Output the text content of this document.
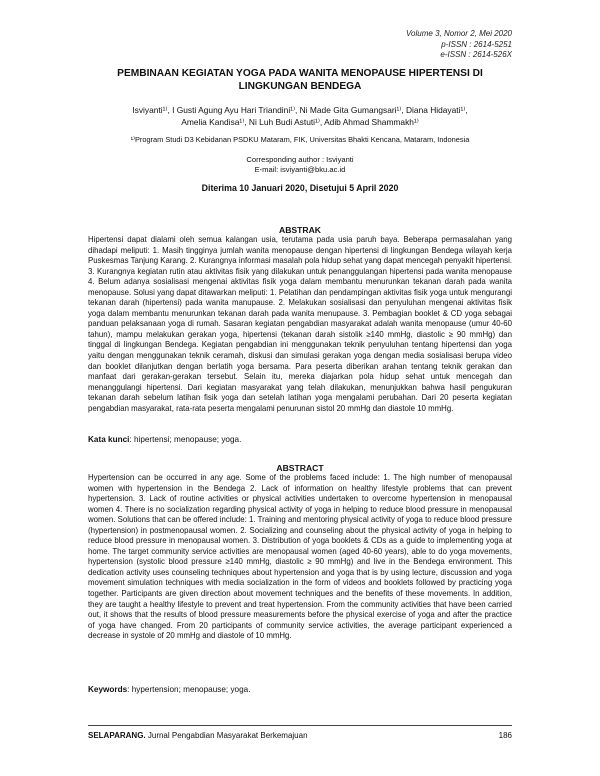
Volume 3, Nomor 2, Mei 2020
p-ISSN : 2614-5251
e-ISSN : 2614-526X
PEMBINAAN KEGIATAN YOGA PADA WANITA MENOPAUSE HIPERTENSI DI LINGKUNGAN BENDEGA
Isviyanti¹⁾, I Gusti Agung Ayu Hari Triandini¹⁾, Ni Made Gita Gumangsari¹⁾, Diana Hidayati¹⁾,
Amelia Kandisa¹⁾, Ni Luh Budi Astuti¹⁾, Adib Ahmad Shammakh¹⁾
¹⁾Program Studi D3 Kebidanan PSDKU Mataram, FIK, Universitas Bhakti Kencana, Mataram, Indonesia
Corresponding author : Isviyanti
E-mail: isviyanti@bku.ac.id
Diterima 10 Januari 2020, Disetujui 5 April 2020
ABSTRAK
Hipertensi dapat dialami oleh semua kalangan usia, terutama pada usia paruh baya. Beberapa permasalahan yang dihadapi meliputi: 1. Masih tingginya jumlah wanita menopause dengan hipertensi di lingkungan Bendega wilayah kerja Puskesmas Tanjung Karang. 2. Kurangnya informasi masalah pola hidup sehat yang dapat mencegah penyakit hipertensi. 3. Kurangnya kegiatan rutin atau aktivitas fisik yang dilakukan untuk penanggulangan hipertensi pada wanita menopause 4. Belum adanya sosialisasi mengenai aktivitas fisik yoga dalam membantu menurunkan tekanan darah pada wanita menopause. Solusi yang dapat ditawarkan meliputi: 1. Pelatihan dan pendampingan aktivitas fisik yoga untuk mengurangi tekanan darah (hipertensi) pada wanita manupause. 2. Melakukan sosialisasi dan penyuluhan mengenai aktivitas fisik yoga dalam membantu menurunkan tekanan darah pada wanita menupause. 3. Pembagian booklet & CD yoga sebagai panduan pelaksanaan yoga di rumah. Sasaran kegiatan pengabdian masyarakat adalah wanita menopause (umur 40-60 tahun), mampu melakukan gerakan yoga, hipertensi (tekanan darah sistolik ≥140 mmHg, diastolic ≥ 90 mmHg) dan tinggal di lingkungan Bendega. Kegiatan pengabdian ini menggunakan teknik penyuluhan tentang hipertensi dan yoga yaitu dengan menggunakan teknik ceramah, diskusi dan simulasi gerakan yoga dengan media sosialisasi berupa video dan booklet dilanjutkan dengan berlatih yoga bersama. Para peserta diberikan arahan tentang teknik gerakan dan manfaat dari gerakan-gerakan tersebut. Selain itu, mereka diajarkan pola hidup sehat untuk mencegah dan menanggulangi hipertensi. Dari kegiatan masyarakat yang telah dilakukan, menunjukkan bahwa hasil pengukuran tekanan darah sebelum latihan fisik yoga dan setelah latihan yoga mengalami perubahan. Dari 20 peserta kegiatan pengabdian masyarakat, rata-rata peserta mengalami penurunan sistol 20 mmHg dan diastole 10 mmHg.
Kata kunci: hipertensi; menopause; yoga.
ABSTRACT
Hypertension can be occurred in any age. Some of the problems faced include: 1. The high number of menopausal women with hypertension in the Bendega 2. Lack of information on healthy lifestyle problems that can prevent hypertension. 3. Lack of routine activities or physical activities undertaken to overcome hypertension in menopausal women 4. There is no socialization regarding physical activity of yoga in helping to reduce blood pressure in menopausal women. Solutions that can be offered include: 1. Training and mentoring physical activity of yoga to reduce blood pressure (hypertension) in postmenopausal women. 2. Socializing and counseling about the physical activity of yoga in helping to reduce blood pressure in menopausal women. 3. Distribution of yoga booklets & CDs as a guide to implementing yoga at home. The target community service activities are menopausal women (aged 40-60 years), able to do yoga movements, hypertension (systolic blood pressure ≥140 mmHg, diastolic ≥ 90 mmHg) and live in the Bendega environment. This dedication activity uses counseling techniques about hypertension and yoga that is by using lecture, discussion and yoga movement simulation techniques with media socialization in the form of videos and booklets followed by practicing yoga together. Participants are given direction about movement techniques and the benefits of these movements. In addition, they are taught a healthy lifestyle to prevent and treat hypertension. From the community activities that have been carried out, it shows that the results of blood pressure measurements before the physical exercise of yoga and after the practice of yoga have changed. From 20 participants of community service activities, the average participant experienced a decrease in systole of 20 mmHg and diastole of 10 mmHg.
Keywords: hypertension; menopause; yoga.
SELAPARANG. Jurnal Pengabdian Masyarakat Berkemajuan	186
